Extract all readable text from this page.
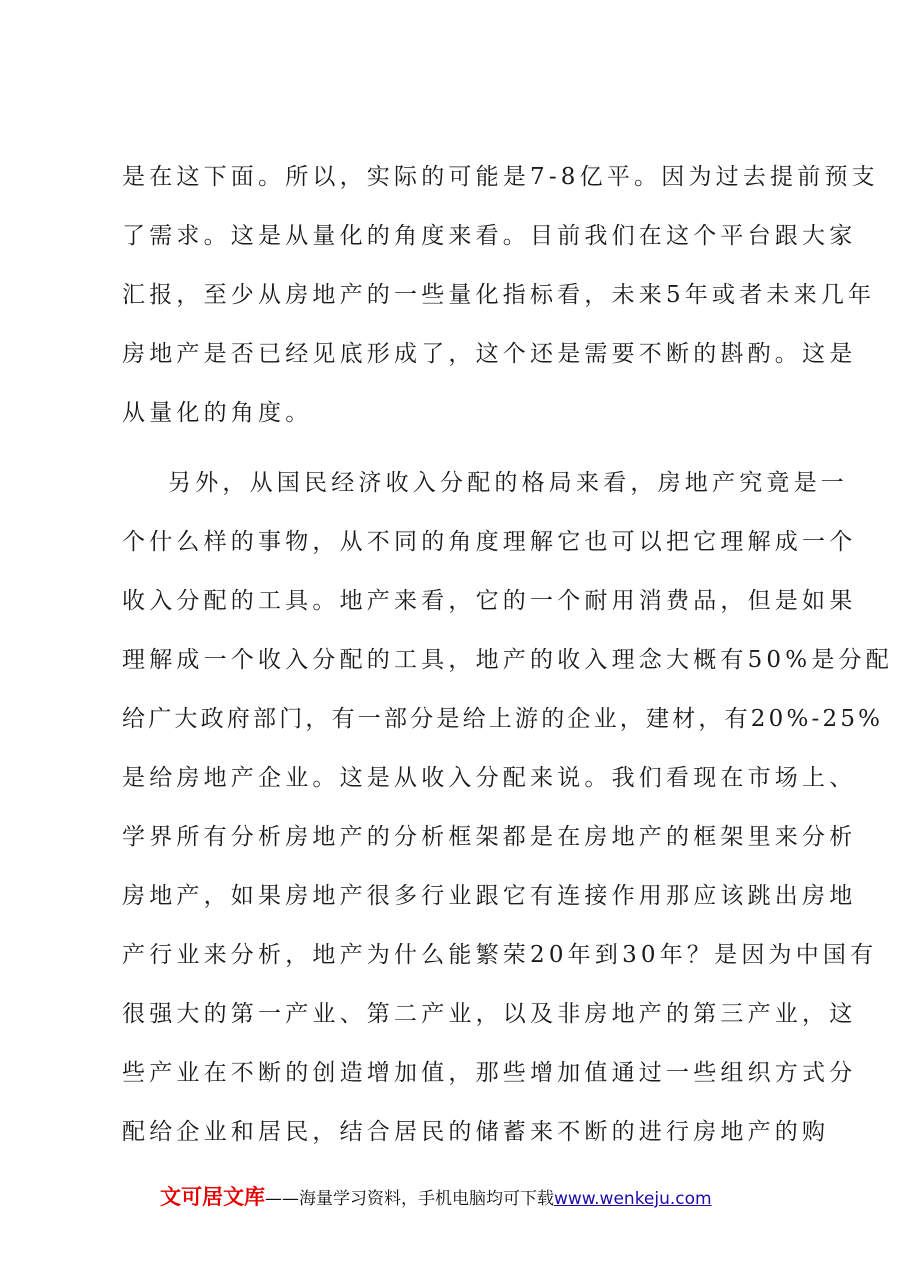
是在这下面。所以，实际的可能是7-8亿平。因为过去提前预支
了需求。这是从量化的角度来看。目前我们在这个平台跟大家
汇报，至少从房地产的一些量化指标看，未来5年或者未来几年
房地产是否已经见底形成了，这个还是需要不断的斟酌。这是
从量化的角度。
另外，从国民经济收入分配的格局来看，房地产究竟是一
个什么样的事物，从不同的角度理解它也可以把它理解成一个
收入分配的工具。地产来看，它的一个耐用消费品，但是如果
理解成一个收入分配的工具，地产的收入理念大概有50%是分配
给广大政府部门，有一部分是给上游的企业，建材，有20%-25%
是给房地产企业。这是从收入分配来说。我们看现在市场上、
学界所有分析房地产的分析框架都是在房地产的框架里来分析
房地产，如果房地产很多行业跟它有连接作用那应该跳出房地
产行业来分析，地产为什么能繁荣20年到30年？是因为中国有
很强大的第一产业、第二产业，以及非房地产的第三产业，这
些产业在不断的创造增加值，那些增加值通过一些组织方式分
配给企业和居民，结合居民的储蓄来不断的进行房地产的购
文可居文库——海量学习资料，手机电脑均可下载www.wenkeju.com
